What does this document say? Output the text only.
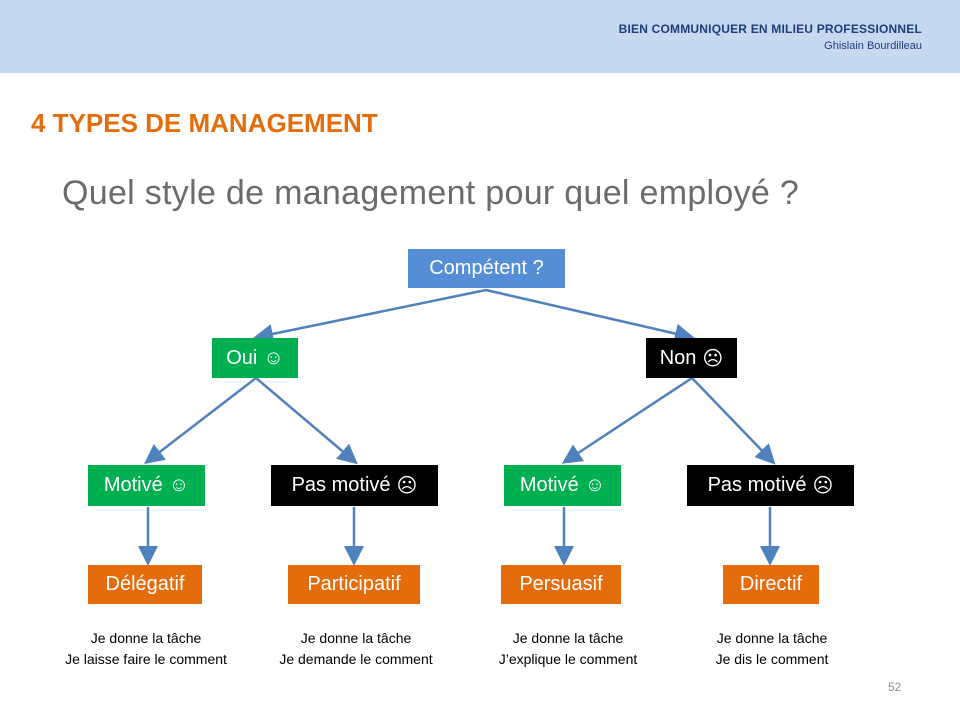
BIEN COMMUNIQUER EN MILIEU PROFESSIONNEL
Ghislain Bourdilleau
4 TYPES DE MANAGEMENT
Quel style de management pour quel employé ?
Compétent ?
Oui ☺	Non ☹
Motivé ☺	Pas motivé ☹	Motivé ☺	Pas motivé ☹
Délégatif	Participatif	Persuasif	Directif
Je donne la tâche
Je laisse faire le comment
Je donne la tâche
Je demande le comment
Je donne la tâche
J’explique le comment
Je donne la tâche
Je dis le comment
52
